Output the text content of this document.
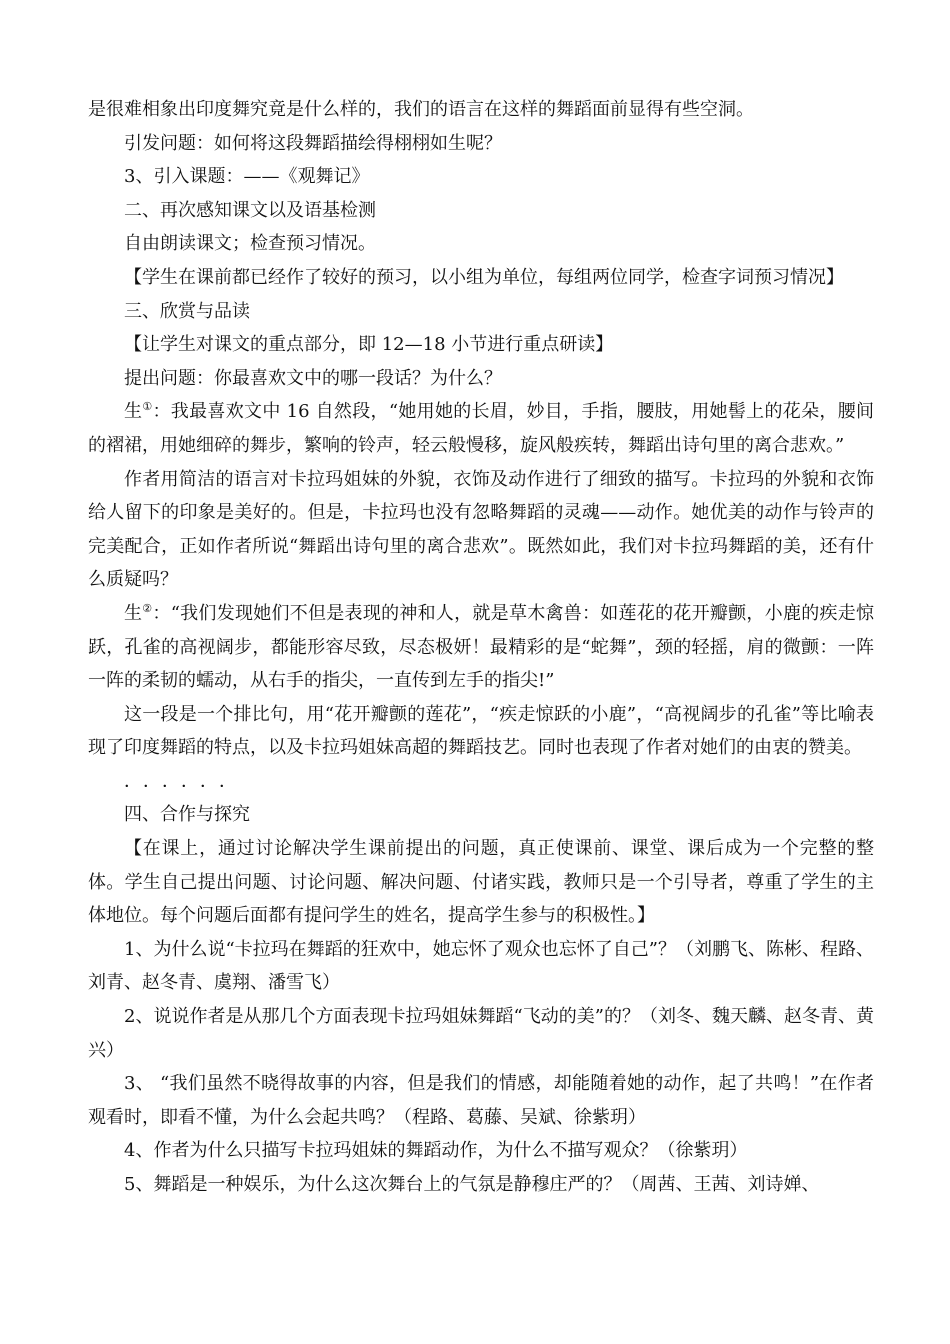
是很难相象出印度舞究竟是什么样的，我们的语言在这样的舞蹈面前显得有些空洞。

引发问题：如何将这段舞蹈描绘得栩栩如生呢？

3、引入课题：——《观舞记》

二、再次感知课文以及语基检测

自由朗读课文；检查预习情况。

【学生在课前都已经作了较好的预习，以小组为单位，每组两位同学，检查字词预习情况】

三、欣赏与品读

【让学生对课文的重点部分，即 12—18 小节进行重点研读】

提出问题：你最喜欢文中的哪一段话？为什么？

生①：我最喜欢文中 16 自然段，“她用她的长眉，妙目，手指，腰肢，用她髻上的花朵，腰间的褶裙，用她细碎的舞步，繁响的铃声，轻云般慢移，旋风般疾转，舞蹈出诗句里的离合悲欢。”

作者用简洁的语言对卡拉玛姐妹的外貌，衣饰及动作进行了细致的描写。卡拉玛的外貌和衣饰给人留下的印象是美好的。但是，卡拉玛也没有忽略舞蹈的灵魂——动作。她优美的动作与铃声的完美配合，正如作者所说“舞蹈出诗句里的离合悲欢”。既然如此，我们对卡拉玛舞蹈的美，还有什么质疑吗？

生②：“我们发现她们不但是表现的神和人，就是草木禽兽：如莲花的花开瓣颤，小鹿的疾走惊跃，孔雀的高视阔步，都能形容尽致，尽态极妍！最精彩的是“蛇舞”，颈的轻摇，肩的微颤：一阵一阵的柔韧的蠕动，从右手的指尖，一直传到左手的指尖!”

这一段是一个排比句，用“花开瓣颤的莲花”，“疾走惊跃的小鹿”，“高视阔步的孔雀”等比喻表现了印度舞蹈的特点，以及卡拉玛姐妹高超的舞蹈技艺。同时也表现了作者对她们的由衷的赞美。

．．．．．．

四、合作与探究

【在课上，通过讨论解决学生课前提出的问题，真正使课前、课堂、课后成为一个完整的整体。学生自己提出问题、讨论问题、解决问题、付诸实践，教师只是一个引导者，尊重了学生的主体地位。每个问题后面都有提问学生的姓名，提高学生参与的积极性。】

1、为什么说“卡拉玛在舞蹈的狂欢中，她忘怀了观众也忘怀了自己”？（刘鹏飞、陈彬、程路、刘青、赵冬青、虞翔、潘雪飞）

2、说说作者是从那几个方面表现卡拉玛姐妹舞蹈“飞动的美”的？（刘冬、魏天麟、赵冬青、黄兴）

3、 “我们虽然不晓得故事的内容，但是我们的情感，却能随着她的动作，起了共鸣！”在作者观看时，即看不懂，为什么会起共鸣？（程路、葛藤、吴斌、徐紫玥）

4、作者为什么只描写卡拉玛姐妹的舞蹈动作，为什么不描写观众？（徐紫玥）

5、舞蹈是一种娱乐，为什么这次舞台上的气氛是静穆庄严的？（周茜、王茜、刘诗婵、
